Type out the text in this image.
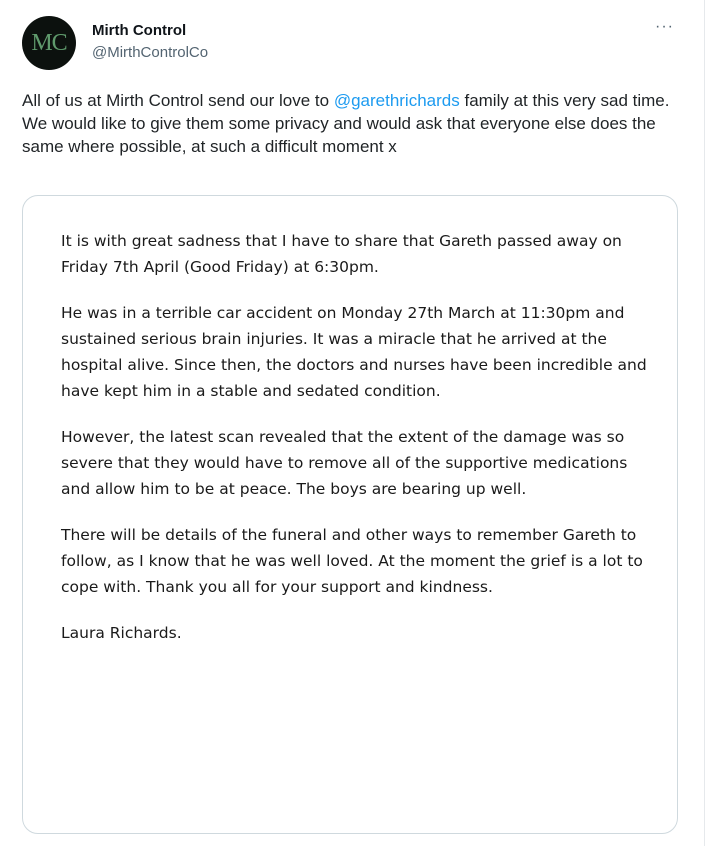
MC Mirth Control
@MirthControlCo
···
All of us at Mirth Control send our love to @garethrichards family at this very sad time. We would like to give them some privacy and would ask that everyone else does the same where possible, at such a difficult moment x

It is with great sadness that I have to share that Gareth passed away on Friday 7th April (Good Friday) at 6:30pm.

He was in a terrible car accident on Monday 27th March at 11:30pm and sustained serious brain injuries. It was a miracle that he arrived at the hospital alive. Since then, the doctors and nurses have been incredible and have kept him in a stable and sedated condition.

However, the latest scan revealed that the extent of the damage was so severe that they would have to remove all of the supportive medications and allow him to be at peace. The boys are bearing up well.

There will be details of the funeral and other ways to remember Gareth to follow, as I know that he was well loved. At the moment the grief is a lot to cope with. Thank you all for your support and kindness.

Laura Richards.
